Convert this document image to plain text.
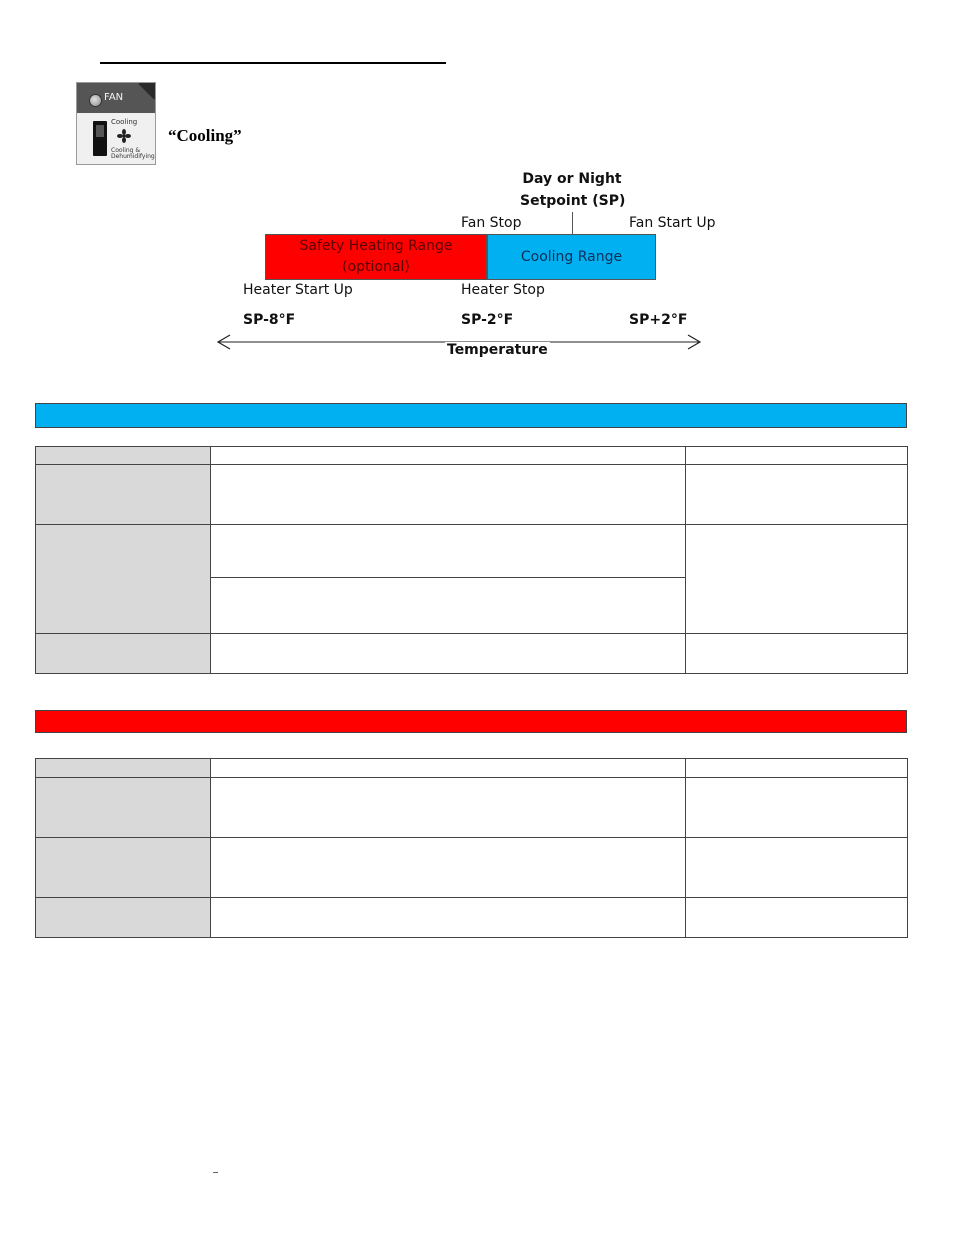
FAN
Cooling
Cooling &
Dehumidifying
“Cooling”
Day or Night
Setpoint (SP)
Fan Stop	Fan Start Up
Safety Heating Range
(optional)
Cooling Range
Heater Start Up	Heater Stop
SP-8°F	SP-2°F	SP+2°F
Temperature
